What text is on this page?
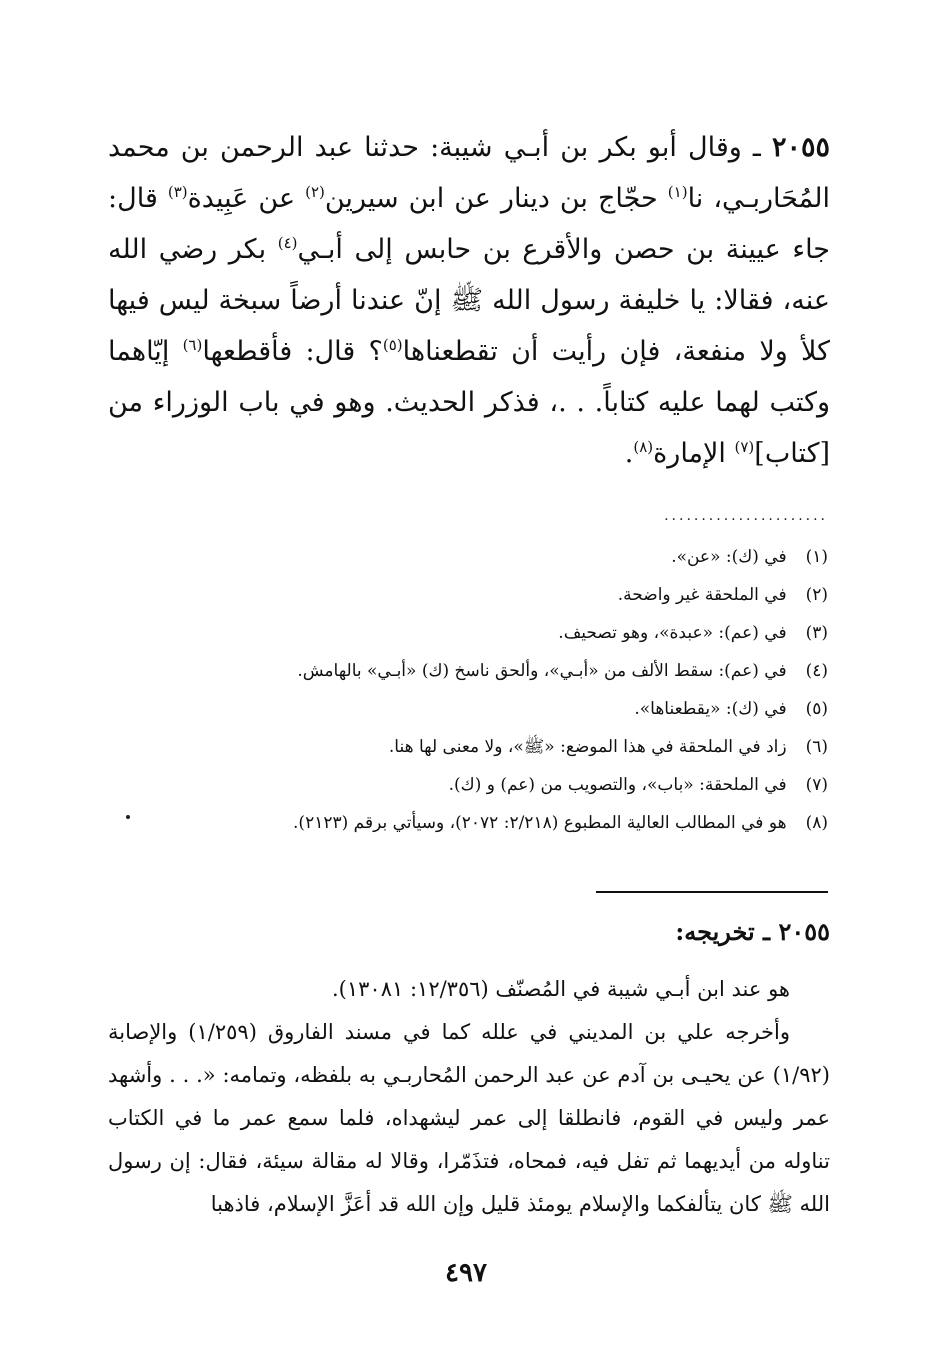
٢٠٥٥ ـ وقال أبو بكر بن أبـي شيبة: حدثنا عبد الرحمن بن محمد المُحَاربـي، نا$^{(١)}$ حجّاج بن دينار عن ابن سيرين$^{(٢)}$ عن عَبِيدة$^{(٣)}$ قال: جاء عيينة بن حصن والأقرع بن حابس إلى أبـي$^{(٤)}$ بكر رضي الله عنه، فقالا: يا خليفة رسول الله ﷺ إنّ عندنا أرضاً سبخة ليس فيها كلأ ولا منفعة، فإن رأيت أن تقطعناها$^{(٥)}$؟ قال: فأقطعها$^{(٦)}$ إيّاهما وكتب لهما عليه كتاباً. . .، فذكر الحديث. وهو في باب الوزراء من [كتاب]$^{(٧)}$ الإمارة$^{(٨)}$.

......................
(١) في (ك): «عن».
(٢) في الملحقة غير واضحة.
(٣) في (عم): «عبدة»، وهو تصحيف.
(٤) في (عم): سقط الألف من «أبـي»، وألحق ناسخ (ك) «أبـي» بالهامش.
(٥) في (ك): «يقطعناها».
(٦) زاد في الملحقة في هذا الموضع: «ﷺ»، ولا معنى لها هنا.
(٧) في الملحقة: «باب»، والتصويب من (عم) و (ك).
(٨) هو في المطالب العالية المطبوع (٢/٢١٨: ٢٠٧٢)، وسيأتي برقم (٢١٢٣).
٢٠٥٥ ـ تخريجه:

هو عند ابن أبـي شيبة في المُصنّف (١٢/٣٥٦: ١٣٠٨١).

وأخرجه علي بن المديني في علله كما في مسند الفاروق (١/٢٥٩) والإصابة (١/٩٢) عن يحيـى بن آدم عن عبد الرحمن المُحاربـي به بلفظه، وتمامه: «. . . وأشهد عمر وليس في القوم، فانطلقا إلى عمر ليشهداه، فلما سمع عمر ما في الكتاب تناوله من أيديهما ثم تفل فيه، فمحاه، فتذَمّرا، وقالا له مقالة سيئة، فقال: إن رسول الله ﷺ كان يتألفكما والإسلام يومئذ قليل وإن الله قد أعَزَّ الإسلام، فاذهبا

٤٩٧
